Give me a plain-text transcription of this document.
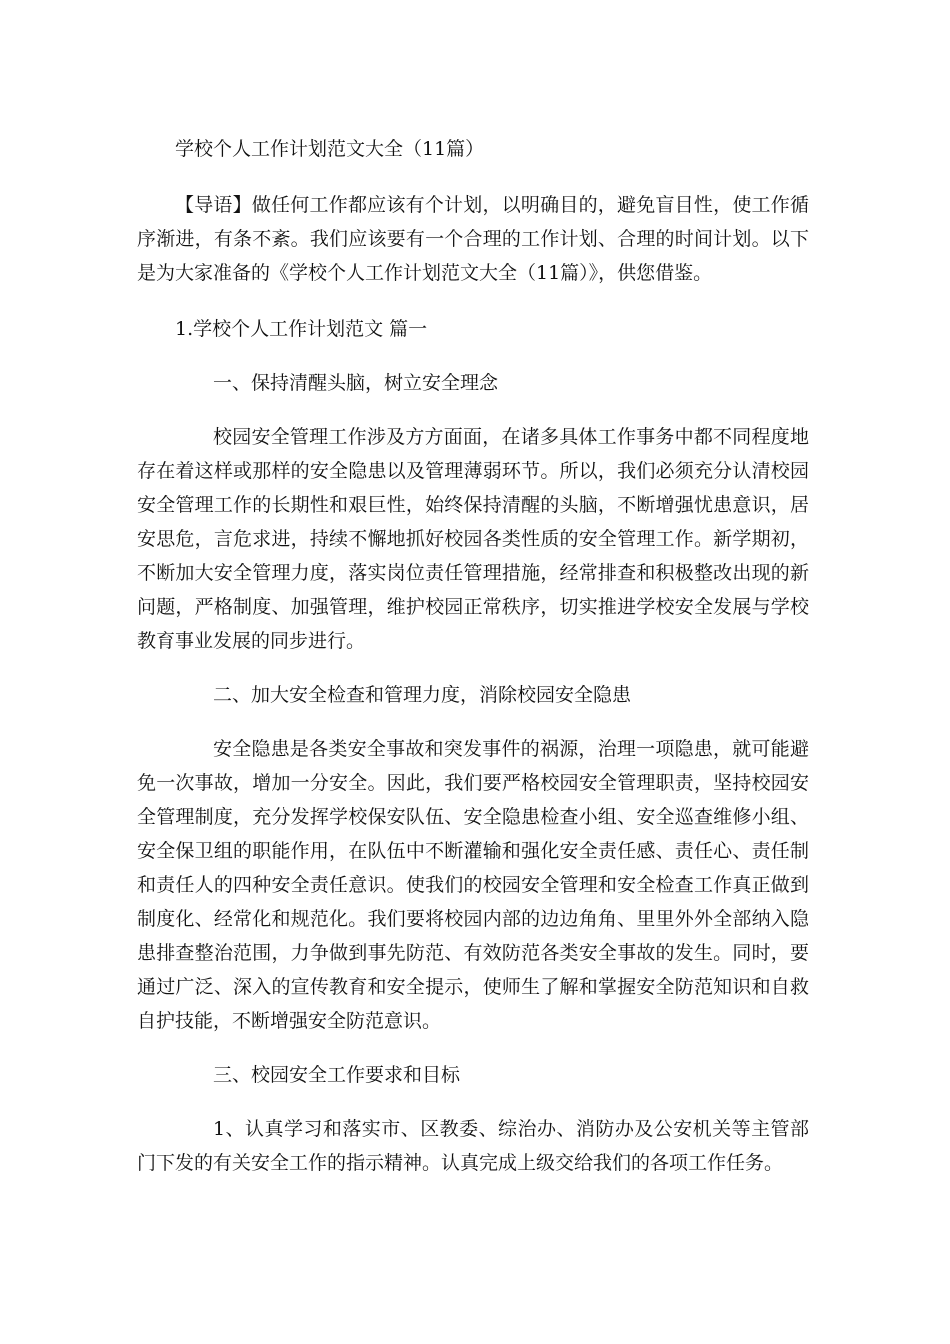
学校个人工作计划范文大全（11篇）

【导语】做任何工作都应该有个计划，以明确目的，避免盲目性，使工作循序渐进，有条不紊。我们应该要有一个合理的工作计划、合理的时间计划。以下是为大家准备的《学校个人工作计划范文大全（11篇）》，供您借鉴。

1.学校个人工作计划范文 篇一
一、保持清醒头脑，树立安全理念

校园安全管理工作涉及方方面面，在诸多具体工作事务中都不同程度地存在着这样或那样的安全隐患以及管理薄弱环节。所以，我们必须充分认清校园安全管理工作的长期性和艰巨性，始终保持清醒的头脑，不断增强忧患意识，居安思危，言危求进，持续不懈地抓好校园各类性质的安全管理工作。新学期初，不断加大安全管理力度，落实岗位责任管理措施，经常排查和积极整改出现的新问题，严格制度、加强管理，维护校园正常秩序，切实推进学校安全发展与学校教育事业发展的同步进行。

二、加大安全检查和管理力度，消除校园安全隐患

安全隐患是各类安全事故和突发事件的祸源，治理一项隐患，就可能避免一次事故，增加一分安全。因此，我们要严格校园安全管理职责，坚持校园安全管理制度，充分发挥学校保安队伍、安全隐患检查小组、安全巡查维修小组、安全保卫组的职能作用，在队伍中不断灌输和强化安全责任感、责任心、责任制和责任人的四种安全责任意识。使我们的校园安全管理和安全检查工作真正做到制度化、经常化和规范化。我们要将校园内部的边边角角、里里外外全部纳入隐患排查整治范围，力争做到事先防范、有效防范各类安全事故的发生。同时，要通过广泛、深入的宣传教育和安全提示，使师生了解和掌握安全防范知识和自救自护技能，不断增强安全防范意识。

三、校园安全工作要求和目标

1、认真学习和落实市、区教委、综治办、消防办及公安机关等主管部门下发的有关安全工作的指示精神。认真完成上级交给我们的各项工作任务。
